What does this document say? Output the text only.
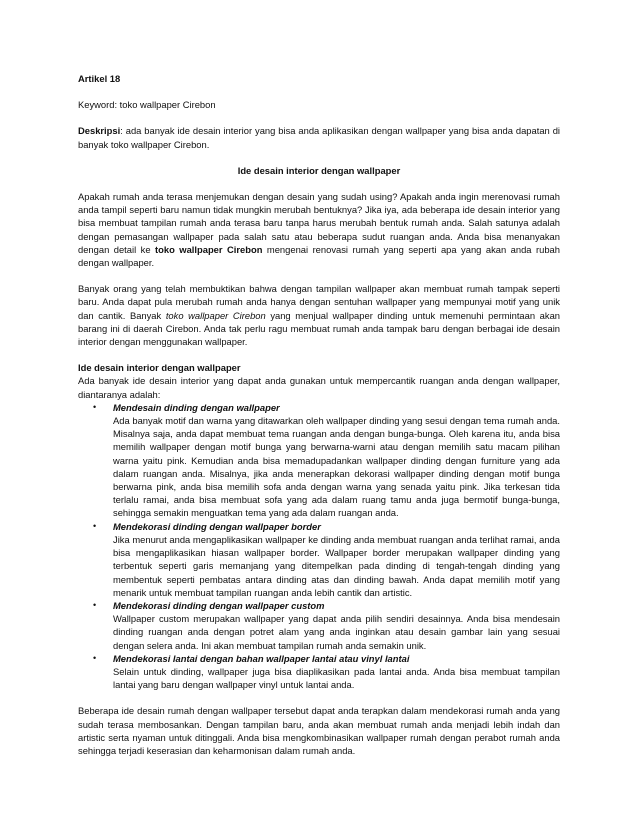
Artikel 18

Keyword: toko wallpaper Cirebon

Deskripsi: ada banyak ide desain interior yang bisa anda aplikasikan dengan wallpaper yang bisa anda dapatan di banyak toko wallpaper Cirebon.

Ide desain interior dengan wallpaper

Apakah rumah anda terasa menjemukan dengan desain yang sudah using? Apakah anda ingin merenovasi rumah anda tampil seperti baru namun tidak mungkin merubah bentuknya? Jika iya, ada beberapa ide desain interior yang bisa membuat tampilan rumah anda terasa baru tanpa harus merubah bentuk rumah anda. Salah satunya adalah dengan pemasangan wallpaper pada salah satu atau beberapa sudut ruangan anda. Anda bisa menanyakan dengan detail ke toko wallpaper Cirebon mengenai renovasi rumah yang seperti apa yang akan anda rubah dengan wallpaper.

Banyak orang yang telah membuktikan bahwa dengan tampilan wallpaper akan membuat rumah tampak seperti baru. Anda dapat pula merubah rumah anda hanya dengan sentuhan wallpaper yang mempunyai motif yang unik dan cantik. Banyak toko wallpaper Cirebon yang menjual wallpaper dinding untuk memenuhi permintaan akan barang ini di daerah Cirebon. Anda tak perlu ragu membuat rumah anda tampak baru dengan berbagai ide desain interior dengan menggunakan wallpaper.

Ide desain interior dengan wallpaper

Ada banyak ide desain interior yang dapat anda gunakan untuk mempercantik ruangan anda dengan wallpaper, diantaranya adalah:

• Mendesain dinding dengan wallpaper
Ada banyak motif dan warna yang ditawarkan oleh wallpaper dinding yang sesui dengan tema rumah anda. Misalnya saja, anda dapat membuat tema ruangan anda dengan bunga-bunga. Oleh karena itu, anda bisa memilih wallpaper dengan motif bunga yang berwarna-warni atau dengan memilih satu macam pilihan warna yaitu pink. Kemudian anda bisa memadupadankan wallpaper dinding dengan furniture yang ada dalam ruangan anda. Misalnya, jika anda menerapkan dekorasi wallpaper dinding dengan motif bunga berwarna pink, anda bisa memilih sofa anda dengan warna yang senada yaitu pink. Jika terkesan tida terlalu ramai, anda bisa membuat sofa yang ada dalam ruang tamu anda juga bermotif bunga-bunga, sehingga semakin menguatkan tema yang ada dalam ruangan anda.
• Mendekorasi dinding dengan wallpaper border
Jika menurut anda mengaplikasikan wallpaper ke dinding anda membuat ruangan anda terlihat ramai, anda bisa mengaplikasikan hiasan wallpaper border. Wallpaper border merupakan wallpaper dinding yang terbentuk seperti garis memanjang yang ditempelkan pada dinding di tengah-tengah dinding yang membentuk seperti pembatas antara dinding atas dan dinding bawah. Anda dapat memilih motif yang menarik untuk membuat tampilan ruangan anda lebih cantik dan artistic.
• Mendekorasi dinding dengan wallpaper custom
Wallpaper custom merupakan wallpaper yang dapat anda pilih sendiri desainnya. Anda bisa mendesain dinding ruangan anda dengan potret alam yang anda inginkan atau desain gambar lain yang sesuai dengan selera anda. Ini akan membuat tampilan rumah anda semakin unik.
• Mendekorasi lantai dengan bahan wallpaper lantai atau vinyl lantai
Selain untuk dinding, wallpaper juga bisa diaplikasikan pada lantai anda. Anda bisa membuat tampilan lantai yang baru dengan wallpaper vinyl untuk lantai anda.

Beberapa ide desain rumah dengan wallpaper tersebut dapat anda terapkan dalam mendekorasi rumah anda yang sudah terasa membosankan. Dengan tampilan baru, anda akan membuat rumah anda menjadi lebih indah dan artistic serta nyaman untuk ditinggali. Anda bisa mengkombinasikan wallpaper rumah dengan perabot rumah anda sehingga terjadi keserasian dan keharmonisan dalam rumah anda.
